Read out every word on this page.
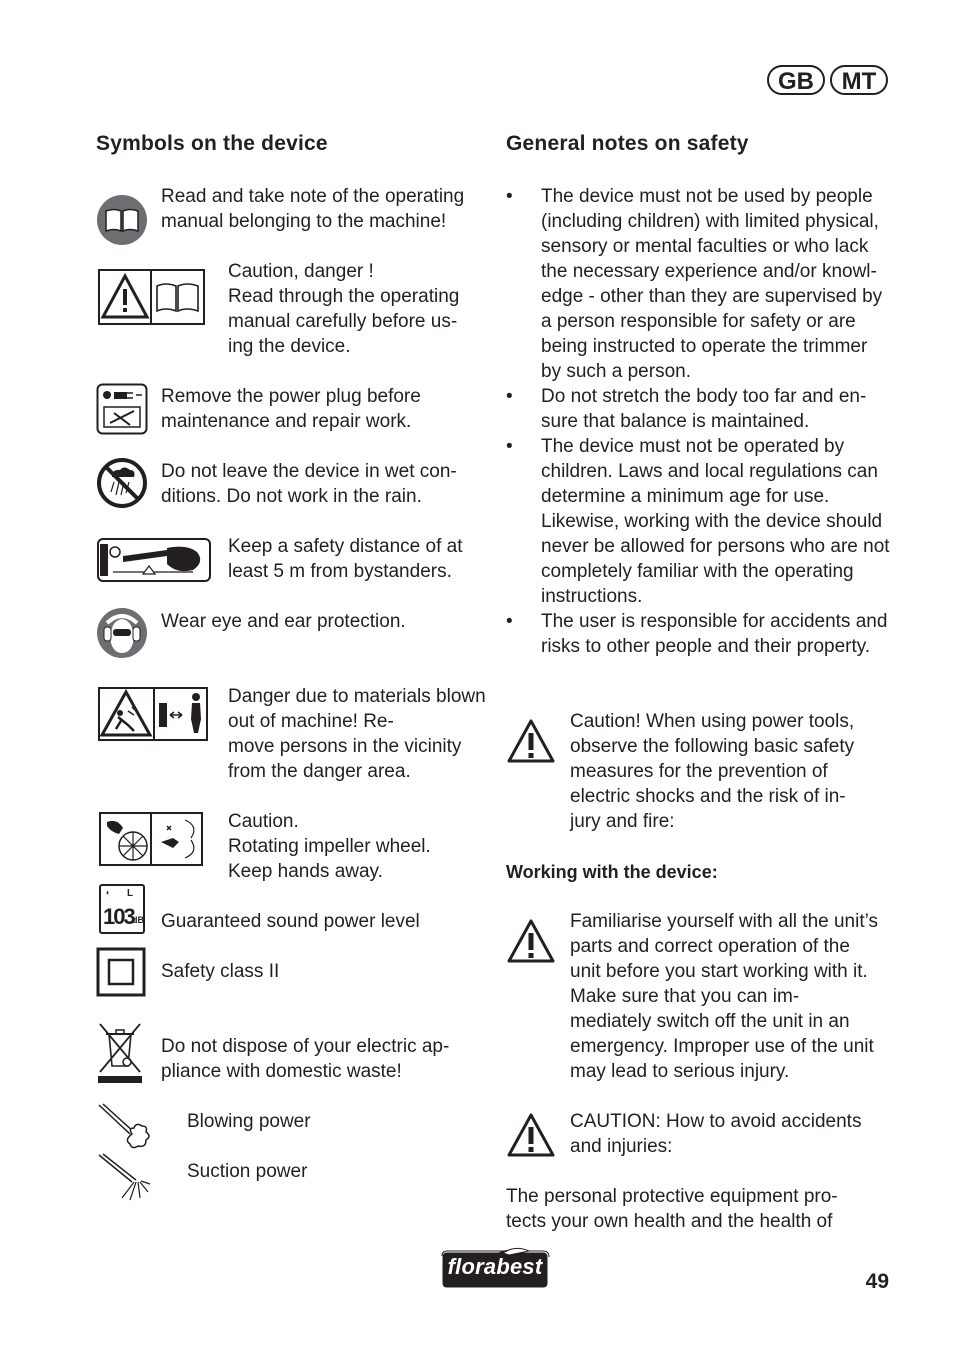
GB	MT
Symbols on the device
Read and take note of the operating manual belonging to the machine!
Caution, danger !
Read through the operating manual carefully before us-
ing the device.
Remove the power plug before maintenance and repair work.
Do not leave the device in wet con-
ditions. Do not work in the rain.
Keep a safety distance of at least 5 m from bystanders.
Wear eye and ear protection.
Danger due to materials blown out of machine! Re-
move persons in the vicinity from the danger area.
Caution.
Rotating impeller wheel.
Keep hands away.
◖ L
103
dB Guaranteed sound power level
Safety class II
Do not dispose of your electric ap-
pliance with domestic waste!
Blowing power
Suction power
General notes on safety
• The device must not be used by people (including children) with limited physical, sensory or mental faculties or who lack the necessary experience and/or knowl- edge - other than they are supervised by a person responsible for safety or are being instructed to operate the trimmer by such a person.
• Do not stretch the body too far and en- sure that balance is maintained.
• The device must not be operated by children. Laws and local regulations can determine a minimum age for use. Likewise, working with the device should never be allowed for persons who are not completely familiar with the operating instructions.
• The user is responsible for accidents and risks to other people and their property.
Caution! When using power tools, observe the following basic safety measures for the prevention of electric shocks and the risk of in-
jury and fire:
Working with the device:
Familiarise yourself with all the unit’s parts and correct operation of the unit before you start working with it. Make sure that you can im-
mediately switch off the unit in an emergency. Improper use of the unit may lead to serious injury.
CAUTION: How to avoid accidents and injuries:
The personal protective equipment pro-
tects your own health and the health of
florabest
49
